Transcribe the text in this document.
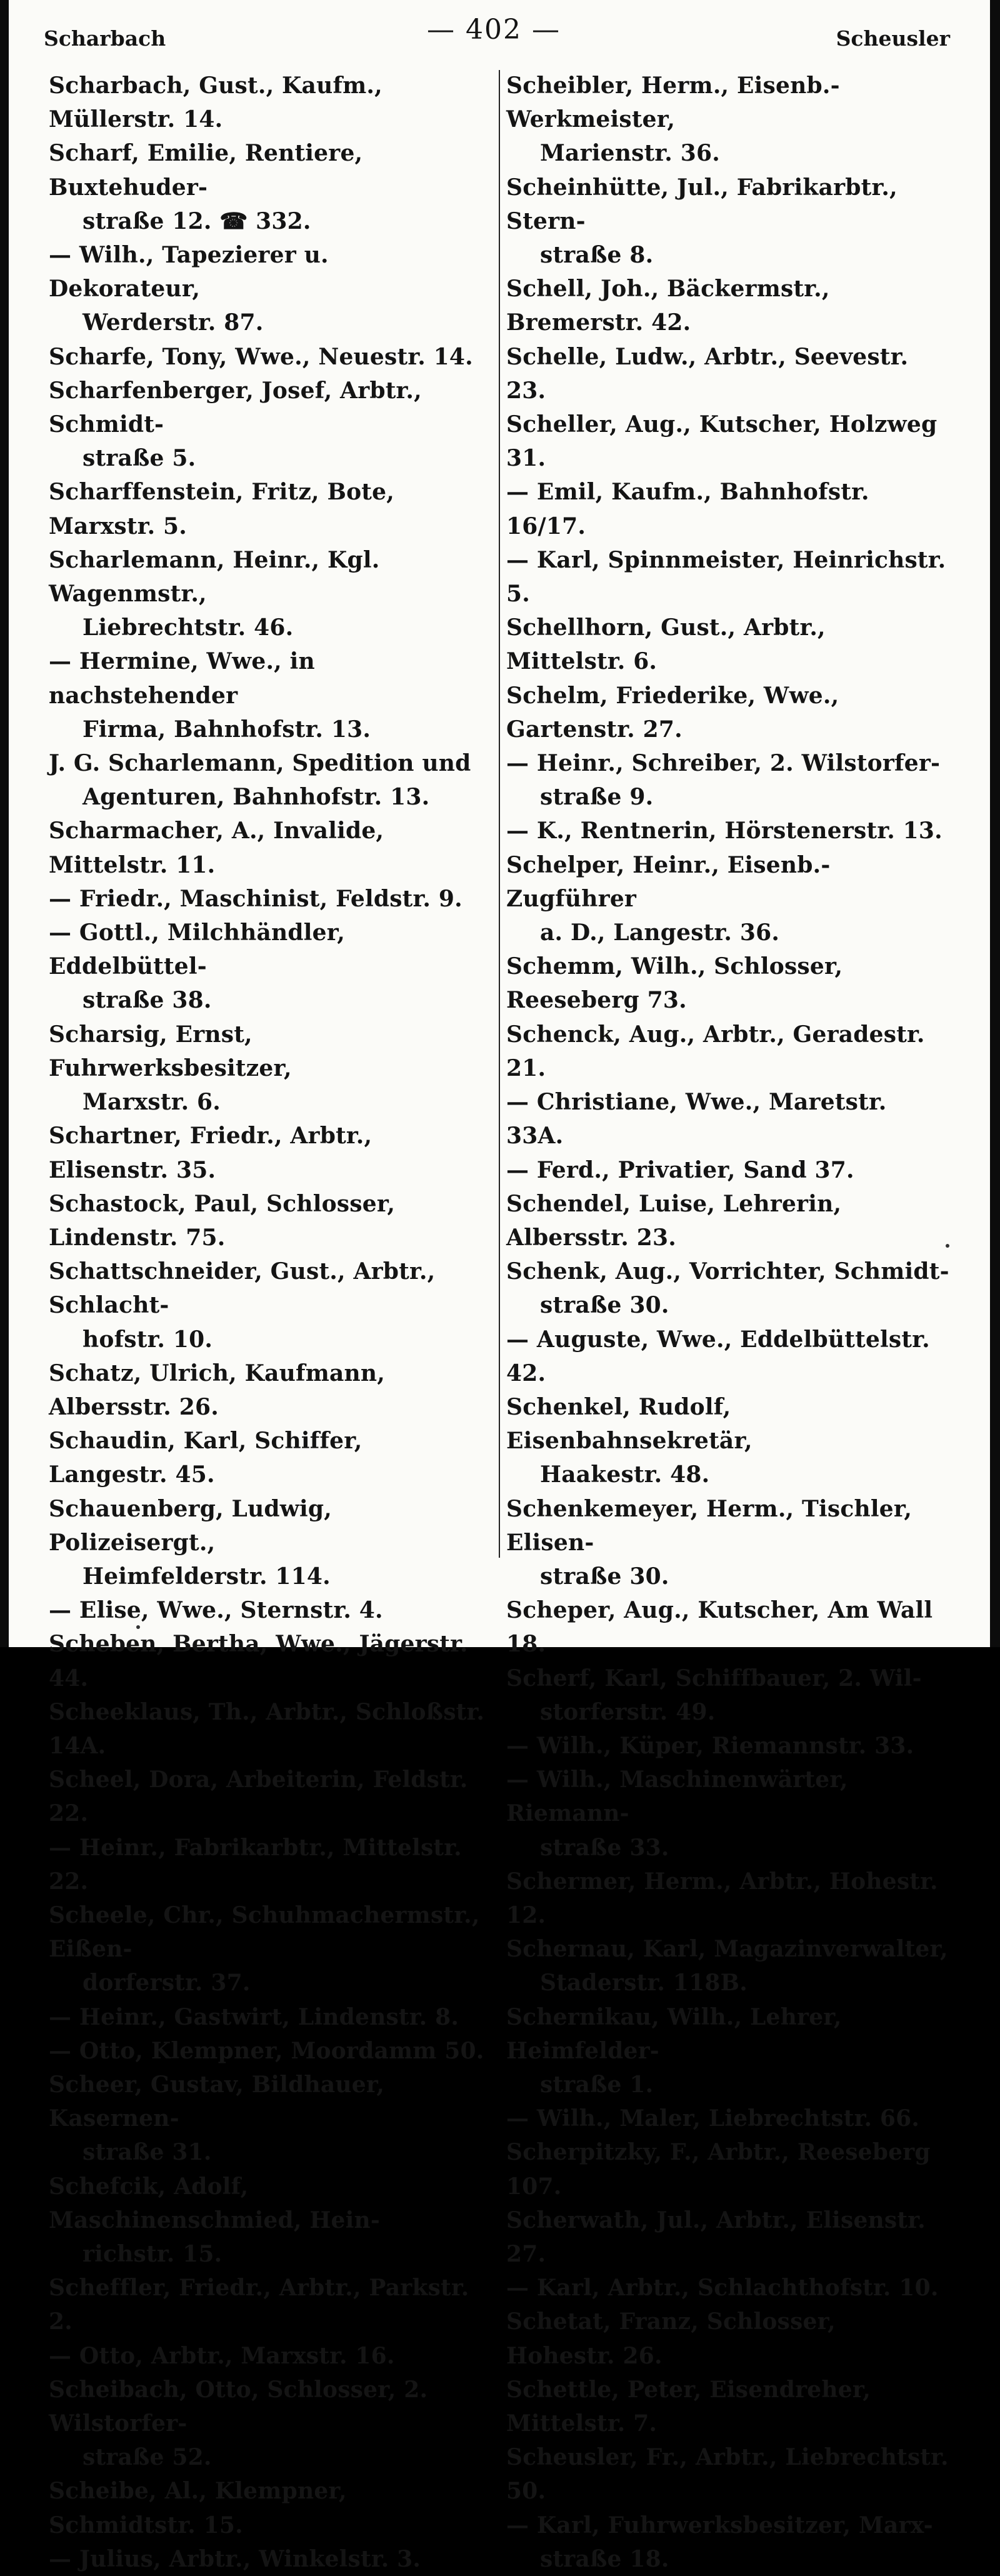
Scharbach	— 402 —	Scheusler
Scharbach, Gust., Kaufm., Müllerstr. 14.
Scharf, Emilie, Rentiere, Buxtehuder-
straße 12. ☎ 332.
— Wilh., Tapezierer u. Dekorateur,
Werderstr. 87.
Scharfe, Tony, Wwe., Neuestr. 14.
Scharfenberger, Josef, Arbtr., Schmidt-
straße 5.
Scharffenstein, Fritz, Bote, Marxstr. 5.
Scharlemann, Heinr., Kgl. Wagenmstr.,
Liebrechtstr. 46.
— Hermine, Wwe., in nachstehender
Firma, Bahnhofstr. 13.
J. G. Scharlemann, Spedition und
Agenturen, Bahnhofstr. 13.
Scharmacher, A., Invalide, Mittelstr. 11.
— Friedr., Maschinist, Feldstr. 9.
— Gottl., Milchhändler, Eddelbüttel-
straße 38.
Scharsig, Ernst, Fuhrwerksbesitzer,
Marxstr. 6.
Schartner, Friedr., Arbtr., Elisenstr. 35.
Schastock, Paul, Schlosser, Lindenstr. 75.
Schattschneider, Gust., Arbtr., Schlacht-
hofstr. 10.
Schatz, Ulrich, Kaufmann, Albersstr. 26.
Schaudin, Karl, Schiffer, Langestr. 45.
Schauenberg, Ludwig, Polizeisergt.,
Heimfelderstr. 114.
— Elise, Wwe., Sternstr. 4.
Scheben, Bertha, Wwe., Jägerstr. 44.
Scheeklaus, Th., Arbtr., Schloßstr. 14A.
Scheel, Dora, Arbeiterin, Feldstr. 22.
— Heinr., Fabrikarbtr., Mittelstr. 22.
Scheele, Chr., Schuhmachermstr., Eißen-
dorferstr. 37.
— Heinr., Gastwirt, Lindenstr. 8.
— Otto, Klempner, Moordamm 50.
Scheer, Gustav, Bildhauer, Kasernen-
straße 31.
Schefcik, Adolf, Maschinenschmied, Hein-
richstr. 15.
Scheffler, Friedr., Arbtr., Parkstr. 2.
— Otto, Arbtr., Marxstr. 16.
Scheibach, Otto, Schlosser, 2. Wilstorfer-
straße 52.
Scheibe, Al., Klempner, Schmidtstr. 15.
— Julius, Arbtr., Winkelstr. 3.
Scheibler, Herm., Eisenb.-Werkmeister,
Marienstr. 36.
Scheinhütte, Jul., Fabrikarbtr., Stern-
straße 8.
Schell, Joh., Bäckermstr., Bremerstr. 42.
Schelle, Ludw., Arbtr., Seevestr. 23.
Scheller, Aug., Kutscher, Holzweg 31.
— Emil, Kaufm., Bahnhofstr. 16/17.
— Karl, Spinnmeister, Heinrichstr. 5.
Schellhorn, Gust., Arbtr., Mittelstr. 6.
Schelm, Friederike, Wwe., Gartenstr. 27.
— Heinr., Schreiber, 2. Wilstorfer-
straße 9.
— K., Rentnerin, Hörstenerstr. 13.
Schelper, Heinr., Eisenb.-Zugführer
a. D., Langestr. 36.
Schemm, Wilh., Schlosser, Reeseberg 73.
Schenck, Aug., Arbtr., Geradestr. 21.
— Christiane, Wwe., Maretstr. 33A.
— Ferd., Privatier, Sand 37.
Schendel, Luise, Lehrerin, Albersstr. 23.
Schenk, Aug., Vorrichter, Schmidt-
straße 30.
— Auguste, Wwe., Eddelbüttelstr. 42.
Schenkel, Rudolf, Eisenbahnsekretär,
Haakestr. 48.
Schenkemeyer, Herm., Tischler, Elisen-
straße 30.
Scheper, Aug., Kutscher, Am Wall 18.
Scherf, Karl, Schiffbauer, 2. Wil-
storferstr. 49.
— Wilh., Küper, Riemannstr. 33.
— Wilh., Maschinenwärter, Riemann-
straße 33.
Schermer, Herm., Arbtr., Hohestr. 12.
Schernau, Karl, Magazinverwalter,
Staderstr. 118B.
Schernikau, Wilh., Lehrer, Heimfelder-
straße 1.
— Wilh., Maler, Liebrechtstr. 66.
Scherpitzky, F., Arbtr., Reeseberg 107.
Scherwath, Jul., Arbtr., Elisenstr. 27.
— Karl, Arbtr., Schlachthofstr. 10.
Schetat, Franz, Schlosser, Hohestr. 26.
Schettle, Peter, Eisendreher, Mittelstr. 7.
Scheusler, Fr., Arbtr., Liebrechtstr. 50.
— Karl, Fuhrwerksbesitzer, Marx-
straße 18.
